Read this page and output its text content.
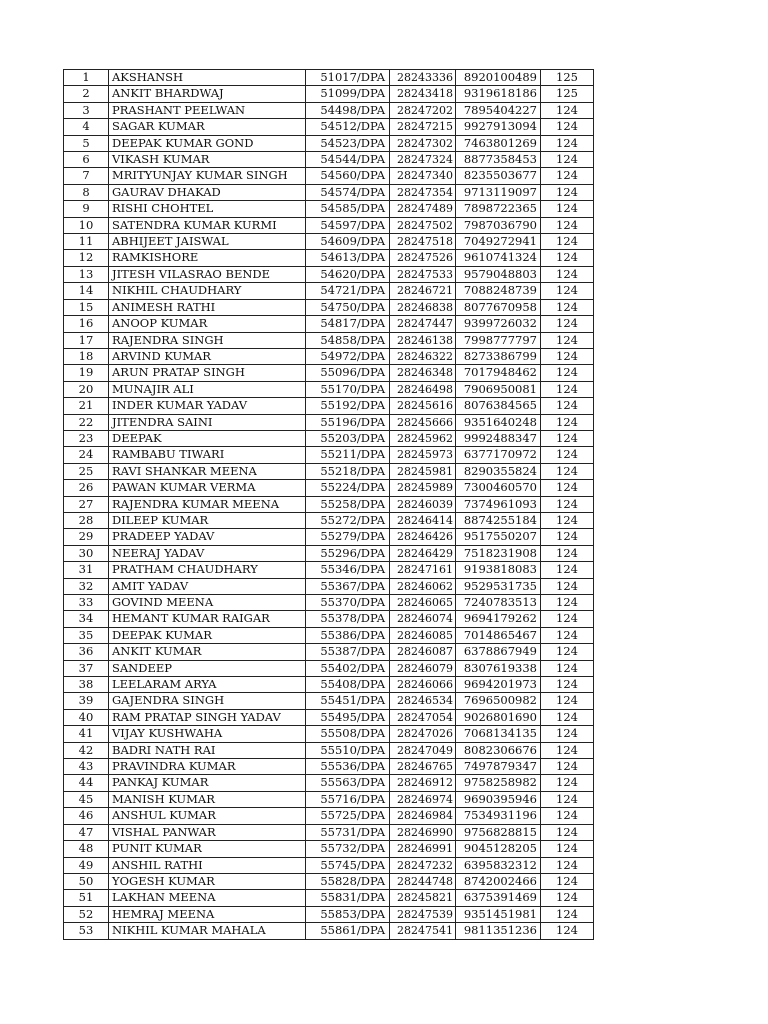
1	AKSHANSH	51017/DPA	28243336	8920100489	125
2	ANKIT BHARDWAJ	51099/DPA	28243418	9319618186	125
3	PRASHANT PEELWAN	54498/DPA	28247202	7895404227	124
4	SAGAR KUMAR	54512/DPA	28247215	9927913094	124
5	DEEPAK KUMAR GOND	54523/DPA	28247302	7463801269	124
6	VIKASH KUMAR	54544/DPA	28247324	8877358453	124
7	MRITYUNJAY KUMAR SINGH	54560/DPA	28247340	8235503677	124
8	GAURAV DHAKAD	54574/DPA	28247354	9713119097	124
9	RISHI CHOHTEL	54585/DPA	28247489	7898722365	124
10	SATENDRA KUMAR KURMI	54597/DPA	28247502	7987036790	124
11	ABHIJEET JAISWAL	54609/DPA	28247518	7049272941	124
12	RAMKISHORE	54613/DPA	28247526	9610741324	124
13	JITESH VILASRAO BENDE	54620/DPA	28247533	9579048803	124
14	NIKHIL CHAUDHARY	54721/DPA	28246721	7088248739	124
15	ANIMESH RATHI	54750/DPA	28246838	8077670958	124
16	ANOOP KUMAR	54817/DPA	28247447	9399726032	124
17	RAJENDRA SINGH	54858/DPA	28246138	7998777797	124
18	ARVIND KUMAR	54972/DPA	28246322	8273386799	124
19	ARUN PRATAP SINGH	55096/DPA	28246348	7017948462	124
20	MUNAJIR ALI	55170/DPA	28246498	7906950081	124
21	INDER KUMAR YADAV	55192/DPA	28245616	8076384565	124
22	JITENDRA SAINI	55196/DPA	28245666	9351640248	124
23	DEEPAK	55203/DPA	28245962	9992488347	124
24	RAMBABU TIWARI	55211/DPA	28245973	6377170972	124
25	RAVI SHANKAR MEENA	55218/DPA	28245981	8290355824	124
26	PAWAN KUMAR VERMA	55224/DPA	28245989	7300460570	124
27	RAJENDRA KUMAR MEENA	55258/DPA	28246039	7374961093	124
28	DILEEP KUMAR	55272/DPA	28246414	8874255184	124
29	PRADEEP YADAV	55279/DPA	28246426	9517550207	124
30	NEERAJ YADAV	55296/DPA	28246429	7518231908	124
31	PRATHAM CHAUDHARY	55346/DPA	28247161	9193818083	124
32	AMIT YADAV	55367/DPA	28246062	9529531735	124
33	GOVIND MEENA	55370/DPA	28246065	7240783513	124
34	HEMANT KUMAR RAIGAR	55378/DPA	28246074	9694179262	124
35	DEEPAK KUMAR	55386/DPA	28246085	7014865467	124
36	ANKIT KUMAR	55387/DPA	28246087	6378867949	124
37	SANDEEP	55402/DPA	28246079	8307619338	124
38	LEELARAM ARYA	55408/DPA	28246066	9694201973	124
39	GAJENDRA SINGH	55451/DPA	28246534	7696500982	124
40	RAM PRATAP SINGH YADAV	55495/DPA	28247054	9026801690	124
41	VIJAY KUSHWAHA	55508/DPA	28247026	7068134135	124
42	BADRI NATH RAI	55510/DPA	28247049	8082306676	124
43	PRAVINDRA KUMAR	55536/DPA	28246765	7497879347	124
44	PANKAJ KUMAR	55563/DPA	28246912	9758258982	124
45	MANISH KUMAR	55716/DPA	28246974	9690395946	124
46	ANSHUL KUMAR	55725/DPA	28246984	7534931196	124
47	VISHAL PANWAR	55731/DPA	28246990	9756828815	124
48	PUNIT KUMAR	55732/DPA	28246991	9045128205	124
49	ANSHIL RATHI	55745/DPA	28247232	6395832312	124
50	YOGESH KUMAR	55828/DPA	28244748	8742002466	124
51	LAKHAN MEENA	55831/DPA	28245821	6375391469	124
52	HEMRAJ MEENA	55853/DPA	28247539	9351451981	124
53	NIKHIL KUMAR MAHALA	55861/DPA	28247541	9811351236	124
